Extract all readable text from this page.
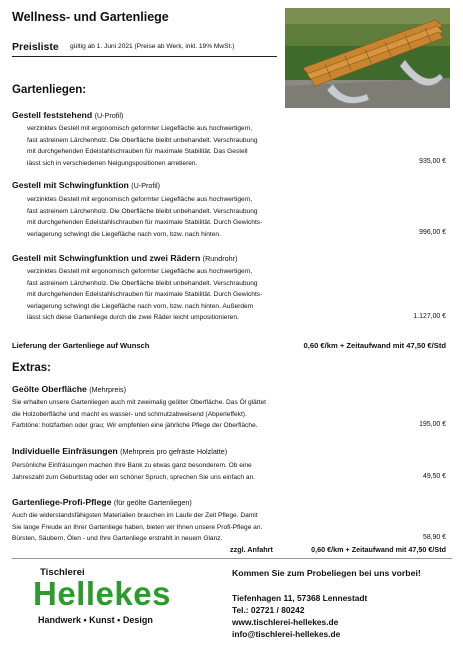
Wellness- und Gartenliege
Preisliste gültig ab 1. Juni 2021 (Preise ab Werk, inkl. 19% MwSt.)
Gartenliegen:
Gestell feststehend (U-Profil)
verzinktes Gestell mit ergonomisch geformter Liegefläche aus hochwertigem,
fast astreinem Lärchenholz. Die Oberfläche bleibt unbehandelt. Verschraubung
mit durchgehenden Edelstahlschrauben für maximale Stabilität. Das Gestell
lässt sich in verschiedenen Neigungspositionen arretieren.	935,00 €
Gestell mit Schwingfunktion (U-Profil)
verzinktes Gestell mit ergonomisch geformter Liegefläche aus hochwertigem,
fast astreinem Lärchenholz. Die Oberfläche bleibt unbehandelt. Verschraubung
mit durchgehenden Edelstahlschrauben für maximale Stabilität. Durch Gewichts-
verlagerung schwingt die Liegefläche nach vorn, bzw. nach hinten.	996,00 €
Gestell mit Schwingfunktion und zwei Rädern (Rundrohr)
verzinktes Gestell mit ergonomisch geformter Liegefläche aus hochwertigem,
fast astreinem Lärchenholz. Die Oberfläche bleibt unbehandelt. Verschraubung
mit durchgehenden Edelstahlschrauben für maximale Stabilität. Durch Gewichts-
verlagerung schwingt die Liegefläche nach vorn, bzw. nach hinten. Außerdem
lässt sich diese Gartenliege durch die zwei Räder leicht umpositionieren.	1.127,00 €
Lieferung der Gartenliege auf Wunsch	0,60 €/km + Zeitaufwand mit 47,50 €/Std
Extras:
Geölte Oberfläche (Mehrpreis)
Sie erhalten unsere Gartenliegen auch mit zweimalig geölter Oberfläche. Das Öl glättet
die Holzoberfläche und macht es wasser- und schmutzabweisend (Abperleffekt).
Farbtöne: holzfarben oder grau; Wir empfehlen eine jährliche Pflege der Oberfläche.	195,00 €
Individuelle Einfräsungen (Mehrpreis pro gefräste Holzlatte)
Persönliche Einfräsungen machen Ihre Bank zu etwas ganz besonderem. Ob eine
Jahreszahl zum Geburtstag oder ein schöner Spruch, sprechen Sie uns einfach an.	49,50 €
Gartenliege-Profi-Pflege (für geölte Gartenliegen)
Auch die widerstandsfähigsten Materialien brauchen im Laufe der Zeit Pflege. Damit
Sie lange Freude an Ihrer Gartenliege haben, bieten wir Ihnen unsere Profi-Pflege an.
Bürsten, Säubern, Ölen - und Ihre Gartenliege erstrahlt in neuem Glanz.	58,90 €
zzgl. Anfahrt	0,60 €/km + Zeitaufwand mit 47,50 €/Std
Tischlerei
Hellekes
Handwerk • Kunst • Design
Kommen Sie zum Probeliegen bei uns vorbei!
Tiefenhagen 11, 57368 Lennestadt
Tel.: 02721 / 80242
www.tischlerei-hellekes.de
info@tischlerei-hellekes.de
